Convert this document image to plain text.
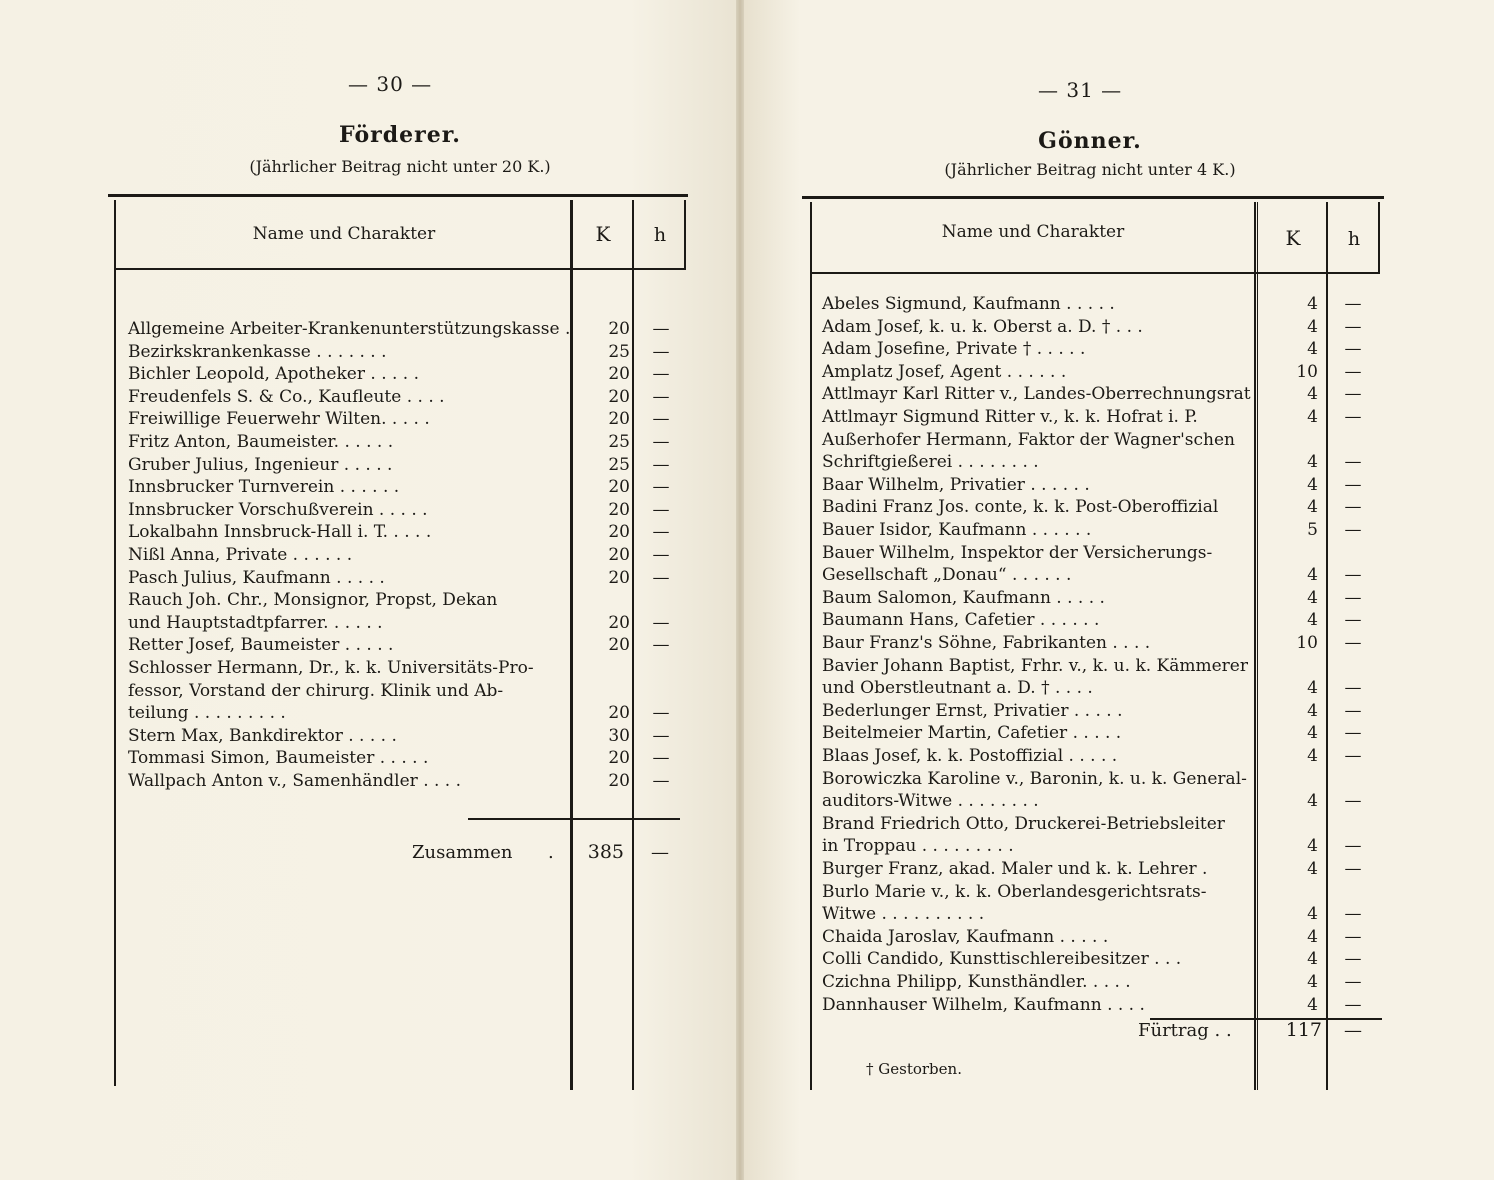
— 30 —
Förderer.
(Jährlicher Beitrag nicht unter 20 K.)
Name und Charakter	K	h
Allgemeine Arbeiter-Krankenunterstützungskasse .	20	—
Bezirkskrankenkasse . . . . . . .	25	—
Bichler Leopold, Apotheker . . . . .	20	—
Freudenfels S. & Co., Kaufleute . . . .	20	—
Freiwillige Feuerwehr Wilten. . . . .	20	—
Fritz Anton, Baumeister. . . . . .	25	—
Gruber Julius, Ingenieur . . . . .	25	—
Innsbrucker Turnverein . . . . . .	20	—
Innsbrucker Vorschußverein . . . . .	20	—
Lokalbahn Innsbruck-Hall i. T. . . . .	20	—
Nißl Anna, Private . . . . . .	20	—
Pasch Julius, Kaufmann . . . . .	20	—
Rauch Joh. Chr., Monsignor, Propst, Dekan
und Hauptstadtpfarrer. . . . . .	20	—
Retter Josef, Baumeister . . . . .	20	—
Schlosser Hermann, Dr., k. k. Universitäts-Pro-
fessor, Vorstand der chirurg. Klinik und Ab-
teilung . . . . . . . . .	20	—
Stern Max, Bankdirektor . . . . .	30	—
Tommasi Simon, Baumeister . . . . .	20	—
Wallpach Anton v., Samenhändler . . . .	20	—
Zusammen .	385	—
— 31 —
Gönner.
(Jährlicher Beitrag nicht unter 4 K.)
Name und Charakter	K	h
Abeles Sigmund, Kaufmann . . . . .	4	—
Adam Josef, k. u. k. Oberst a. D. † . . .	4	—
Adam Josefine, Private † . . . . .	4	—
Amplatz Josef, Agent . . . . . .	10	—
Attlmayr Karl Ritter v., Landes-Oberrechnungsrat	4	—
Attlmayr Sigmund Ritter v., k. k. Hofrat i. P.	4	—
Außerhofer Hermann, Faktor der Wagner'schen
Schriftgießerei . . . . . . . .	4	—
Baar Wilhelm, Privatier . . . . . .	4	—
Badini Franz Jos. conte, k. k. Post-Oberoffizial	4	—
Bauer Isidor, Kaufmann . . . . . .	5	—
Bauer Wilhelm, Inspektor der Versicherungs-
Gesellschaft „Donau“ . . . . . .	4	—
Baum Salomon, Kaufmann . . . . .	4	—
Baumann Hans, Cafetier . . . . . .	4	—
Baur Franz's Söhne, Fabrikanten . . . .	10	—
Bavier Johann Baptist, Frhr. v., k. u. k. Kämmerer
und Oberstleutnant a. D. † . . . .	4	—
Bederlunger Ernst, Privatier . . . . .	4	—
Beitelmeier Martin, Cafetier . . . . .	4	—
Blaas Josef, k. k. Postoffizial . . . . .	4	—
Borowiczka Karoline v., Baronin, k. u. k. General-
auditors-Witwe . . . . . . . .	4	—
Brand Friedrich Otto, Druckerei-Betriebsleiter
in Troppau . . . . . . . . .	4	—
Burger Franz, akad. Maler und k. k. Lehrer .	4	—
Burlo Marie v., k. k. Oberlandesgerichtsrats-
Witwe . . . . . . . . . .	4	—
Chaida Jaroslav, Kaufmann . . . . .	4	—
Colli Candido, Kunsttischlereibesitzer . . .	4	—
Czichna Philipp, Kunsthändler. . . . .	4	—
Dannhauser Wilhelm, Kaufmann . . . .	4	—
Fürtrag . .	117	—
† Gestorben.
